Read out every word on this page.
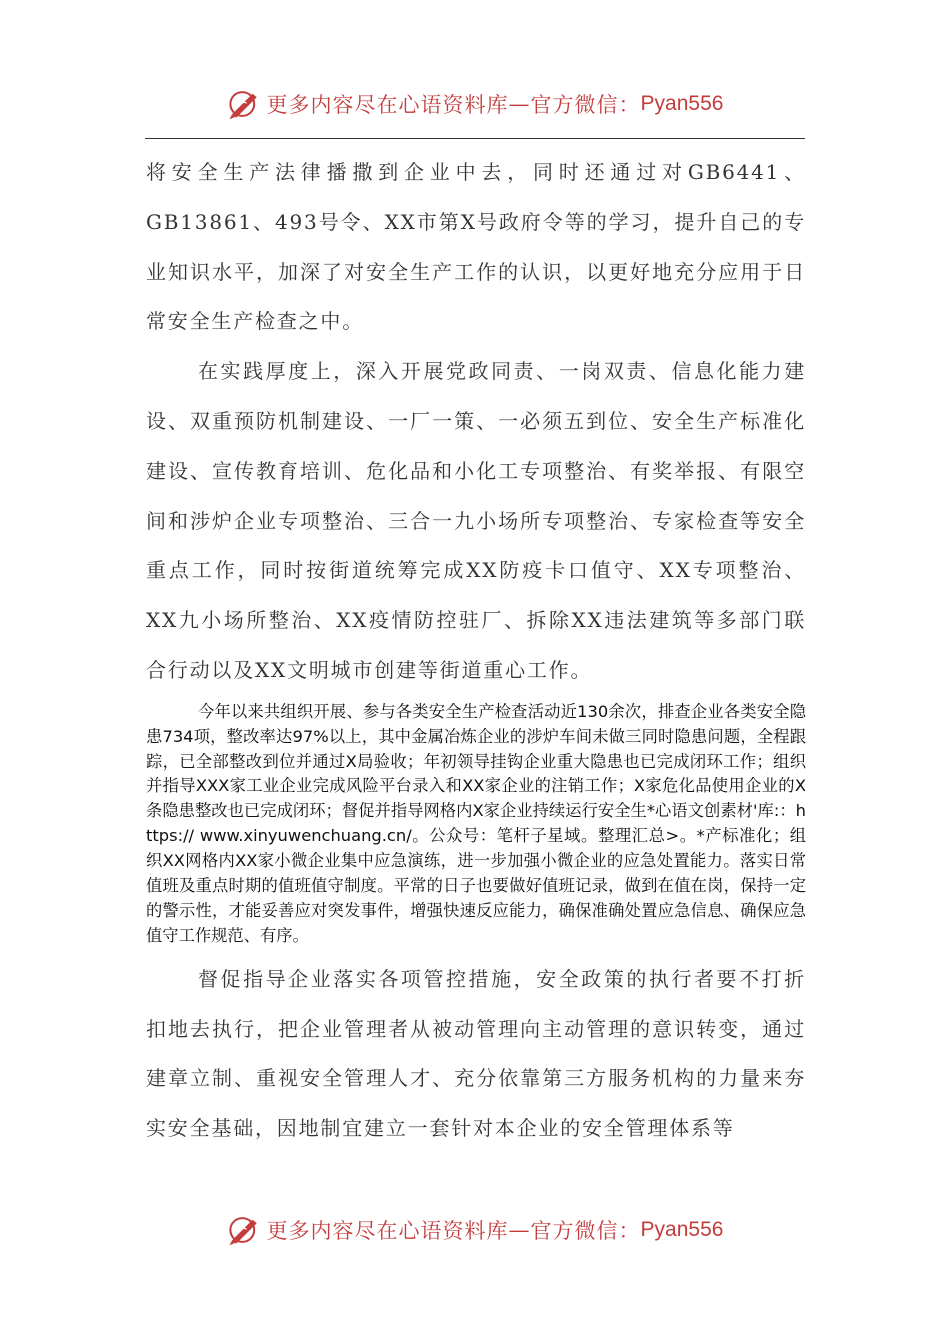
更多内容尽在心语资料库 — 官方微信： Pyan556

将安全生产法律播撒到企业中去，同时还通过对GB6441、GB13861、493号令、XX市第X号政府令等的学习，提升自己的专业知识水平，加深了对安全生产工作的认识，以更好地充分应用于日常安全生产检查之中。

在实践厚度上，深入开展党政同责、一岗双责、信息化能力建设、双重预防机制建设、一厂一策、一必须五到位、安全生产标准化建设、宣传教育培训、危化品和小化工专项整治、有奖举报、有限空间和涉炉企业专项整治、三合一九小场所专项整治、专家检查等安全重点工作，同时按街道统筹完成XX防疫卡口值守、XX专项整治、XX九小场所整治、XX疫情防控驻厂、拆除XX违法建筑等多部门联合行动以及XX文明城市创建等街道重心工作。

今年以来共组织开展、参与各类安全生产检查活动近130余次，排查企业各类安全隐患734项，整改率达97%以上，其中金属冶炼企业的涉炉车间未做三同时隐患问题，全程跟踪，已全部整改到位并通过X局验收；年初领导挂钩企业重大隐患也已完成闭环工作；组织并指导XXX家工业企业完成风险平台录入和XX家企业的注销工作；X家危化品使用企业的X条隐患整改也已完成闭环；督促并指导网格内X家企业持续运行安全生*心语文创素材'库:：https:// www.xinyuwenchuang.cn/。公众号：笔杆子星域。整理汇总>。*产标准化；组织XX网格内XX家小微企业集中应急演练，进一步加强小微企业的应急处置能力。落实日常值班及重点时期的值班值守制度。平常的日子也要做好值班记录，做到在值在岗，保持一定的警示性，才能妥善应对突发事件，增强快速反应能力，确保准确处置应急信息、确保应急值守工作规范、有序。

督促指导企业落实各项管控措施，安全政策的执行者要不打折扣地去执行，把企业管理者从被动管理向主动管理的意识转变，通过建章立制、重视安全管理人才、充分依靠第三方服务机构的力量来夯实安全基础，因地制宜建立一套针对本企业的安全管理体系等

更多内容尽在心语资料库 — 官方微信： Pyan556
